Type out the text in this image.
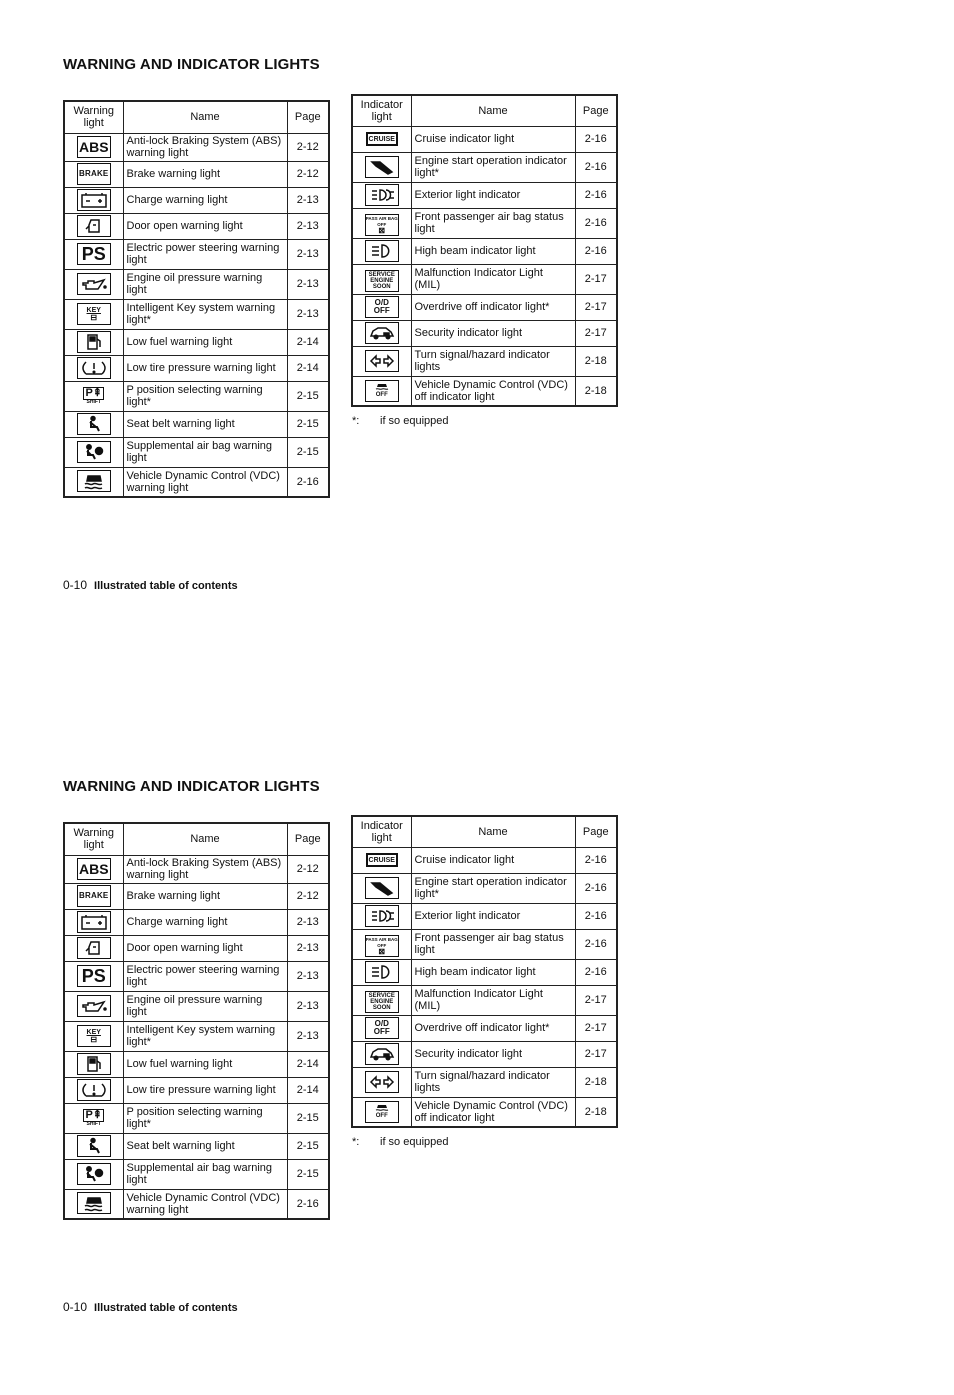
WARNING AND INDICATOR LIGHTS
Warning light	Name	Page
ABS	Anti-lock Braking System (ABS) warning light	2-12
BRAKE	Brake warning light	2-12

	Charge warning light	2-13

	Door open warning light	2-13
PS	Electric power steering warning light	2-13

	Engine oil pressure warning light	2-13

KEY
⊟	Intelligent Key system warning light*	2-13

	Low fuel warning light	2-14

	Low tire pressure warning light	2-14

P⇞
SHIFT	P position selecting warning light*	2-15

	Seat belt warning light	2-15

	Supplemental air bag warning light	2-15

	Vehicle Dynamic Control (VDC) warning light	2-16
Indicator light	Name	Page
CRUISE	Cruise indicator light	2-16

	Engine start operation indicator light*	2-16

	Exterior light indicator	2-16

PASS AIR BAG OFF
⊠	Front passenger air bag status light	2-16

	High beam indicator light	2-16
SERVICE ENGINE SOON	Malfunction Indicator Light (MIL)	2-17
O/D OFF	Overdrive off indicator light*	2-17

	Security indicator light	2-17

	Turn signal/hazard indicator lights	2-18

OFF	Vehicle Dynamic Control (VDC) off indicator light	2-18
*: if so equipped
0-10 Illustrated table of contents
WARNING AND INDICATOR LIGHTS
Warning light	Name	Page
ABS	Anti-lock Braking System (ABS) warning light	2-12
BRAKE	Brake warning light	2-12

	Charge warning light	2-13

	Door open warning light	2-13
PS	Electric power steering warning light	2-13

	Engine oil pressure warning light	2-13

KEY
⊟	Intelligent Key system warning light*	2-13

	Low fuel warning light	2-14

	Low tire pressure warning light	2-14

P⇞
SHIFT	P position selecting warning light*	2-15

	Seat belt warning light	2-15

	Supplemental air bag warning light	2-15

	Vehicle Dynamic Control (VDC) warning light	2-16
Indicator light	Name	Page
CRUISE	Cruise indicator light	2-16

	Engine start operation indicator light*	2-16

	Exterior light indicator	2-16

PASS AIR BAG OFF
⊠	Front passenger air bag status light	2-16

	High beam indicator light	2-16
SERVICE ENGINE SOON	Malfunction Indicator Light (MIL)	2-17
O/D OFF	Overdrive off indicator light*	2-17

	Security indicator light	2-17

	Turn signal/hazard indicator lights	2-18

OFF	Vehicle Dynamic Control (VDC) off indicator light	2-18
*: if so equipped
0-10 Illustrated table of contents
